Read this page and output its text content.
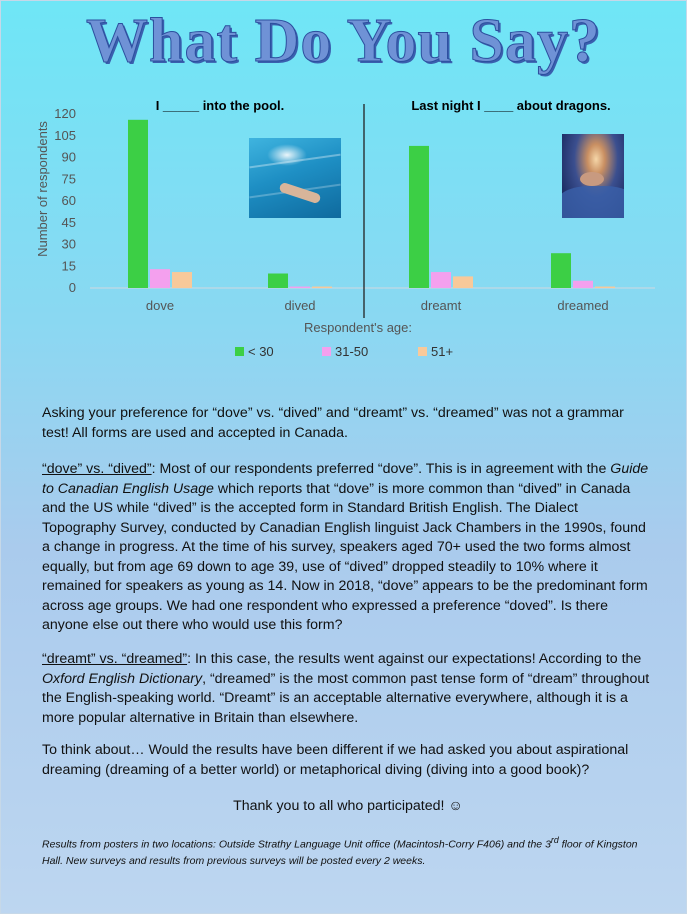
What Do You Say?
0
15
30
45
60
75
90
105
120
Number of respondents
dove	dived	dreamt	dreamed
I _____ into the pool.	Last night I ____ about dragons.
Respondent's age:
< 30	31-50	51+
Asking your preference for “dove” vs. “dived” and “dreamt” vs. “dreamed” was not a grammar test! All forms are used and accepted in Canada.
“dove” vs. “dived”: Most of our respondents preferred “dove”. This is in agreement with the Guide to Canadian English Usage which reports that “dove” is more common than “dived” in Canada and the US while “dived” is the accepted form in Standard British English. The Dialect Topography Survey, conducted by Canadian English linguist Jack Chambers in the 1990s, found a change in progress. At the time of his survey, speakers aged 70+ used the two forms almost equally, but from age 69 down to age 39, use of “dived” dropped steadily to 10% where it remained for speakers as young as 14. Now in 2018, “dove” appears to be the predominant form across age groups. We had one respondent who expressed a preference “doved”. Is there anyone else out there who would use this form?
“dreamt” vs. “dreamed”: In this case, the results went against our expectations! According to the Oxford English Dictionary, “dreamed” is the most common past tense form of “dream” throughout the English-speaking world. “Dreamt” is an acceptable alternative everywhere, although it is a more popular alternative in Britain than elsewhere.
To think about… Would the results have been different if we had asked you about aspirational dreaming (dreaming of a better world) or metaphorical diving (diving into a good book)?
Thank you to all who participated! ☺
Results from posters in two locations: Outside Strathy Language Unit office (Macintosh-Corry F406) and the 3rd floor of Kingston Hall. New surveys and results from previous surveys will be posted every 2 weeks.
